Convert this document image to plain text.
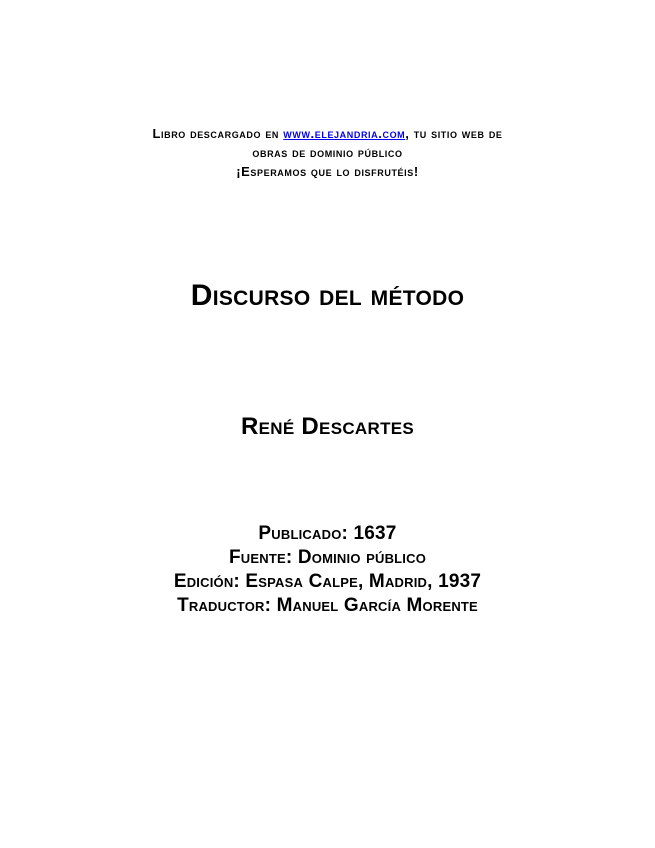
Libro descargado en www.elejandria.com, tu sitio web de
obras de dominio público
¡Esperamos que lo disfrutéis!
Discurso del método
René Descartes
Publicado: 1637
Fuente: Dominio público
Edición: Espasa Calpe, Madrid, 1937
Traductor: Manuel García Morente
